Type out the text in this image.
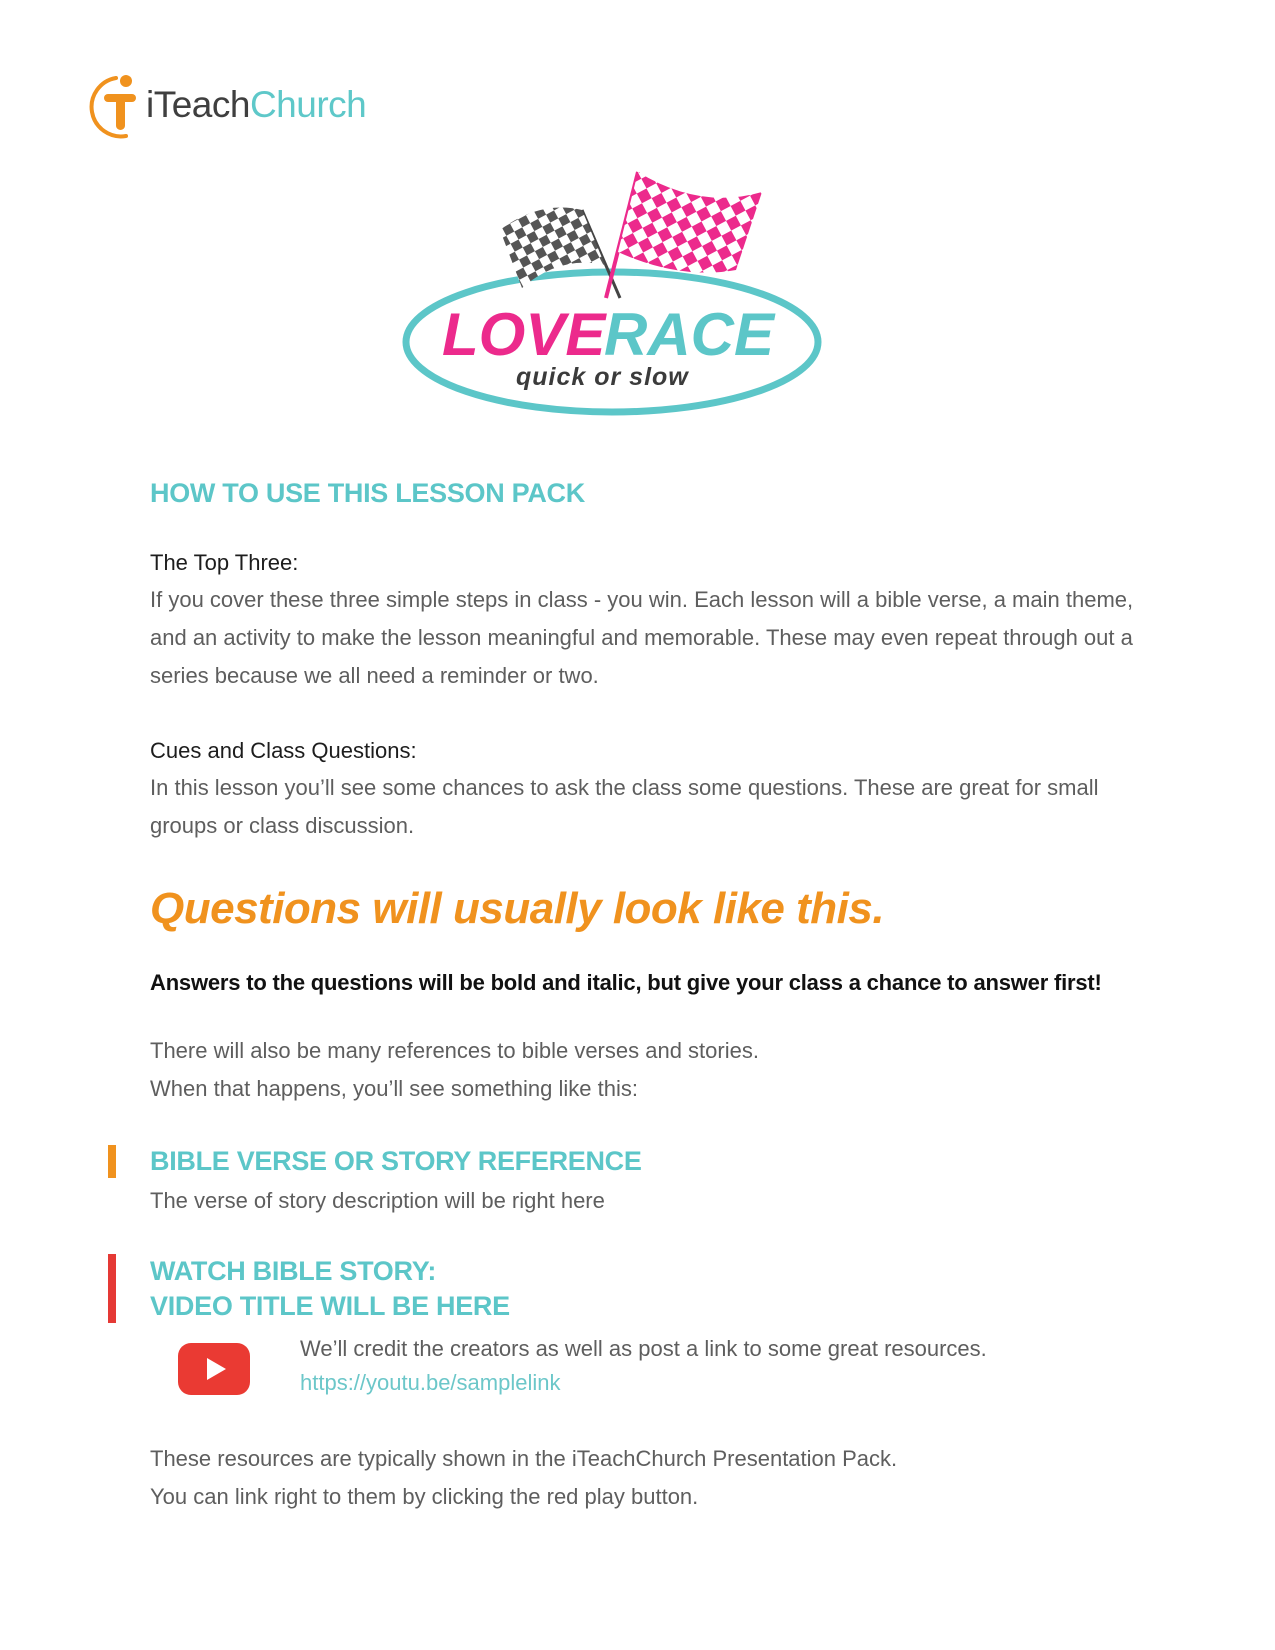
iTeachChurch
LOVE
RACE
quick or slow
HOW TO USE THIS LESSON PACK

The Top Three:

If you cover these three simple steps in class - you win. Each lesson will a bible verse, a main theme,

and an activity to make the lesson meaningful and memorable. These may even repeat through out a

series because we all need a reminder or two.

Cues and Class Questions:

In this lesson you’ll see some chances to ask the class some questions. These are great for small

groups or class discussion.

Questions will usually look like this.

Answers to the questions will be bold and italic, but give your class a chance to answer first!

There will also be many references to bible verses and stories.

When that happens, you’ll see something like this:

BIBLE VERSE OR STORY REFERENCE

The verse of story description will be right here

WATCH BIBLE STORY:
VIDEO TITLE WILL BE HERE

We’ll credit the creators as well as post a link to some great resources.

https://youtu.be/samplelink

These resources are typically shown in the iTeachChurch Presentation Pack.

You can link right to them by clicking the red play button.
